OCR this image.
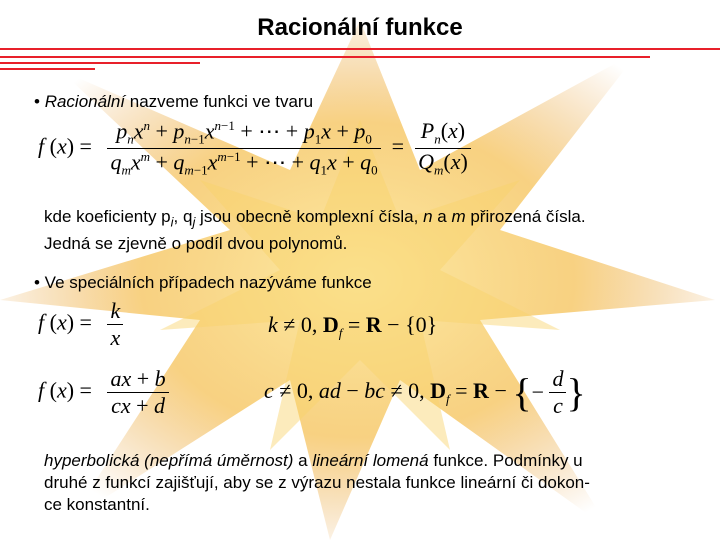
Racionální funkce
• Racionální nazveme funkci ve tvaru
f $(x) = \frac{p_nx^n + p_{n-1}x^{n-1} + \cdots + p_1x + p_0}{q_mx^m + q_{m-1}x^{m-1} + \cdots + q_1x + q_0} = \frac{P_n(x)}{Q_m(x)}$
kde koeficienty $p_i$, $q_j$ jsou obecně komplexní čísla, n a m přirozená čísla.
Jedná se zjevně o podíl dvou polynomů.
• Ve speciálních případech nazýváme funkce
f $(x) = \frac{k}{x}$	k ≠ 0, $D_f = R - \{0\}$
f $(x) = \frac{ax + b}{cx + d}$	c ≠ 0, ad − bc ≠ 0, $D_f = R$ − {− $\frac{d}{c}$ }
hyperbolická (nepřímá úměrnost) a lineární lomená funkce. Podmínky u
druhé z funkcí zajišťují, aby se z výrazu nestala funkce lineární či dokon-
ce konstantní.
